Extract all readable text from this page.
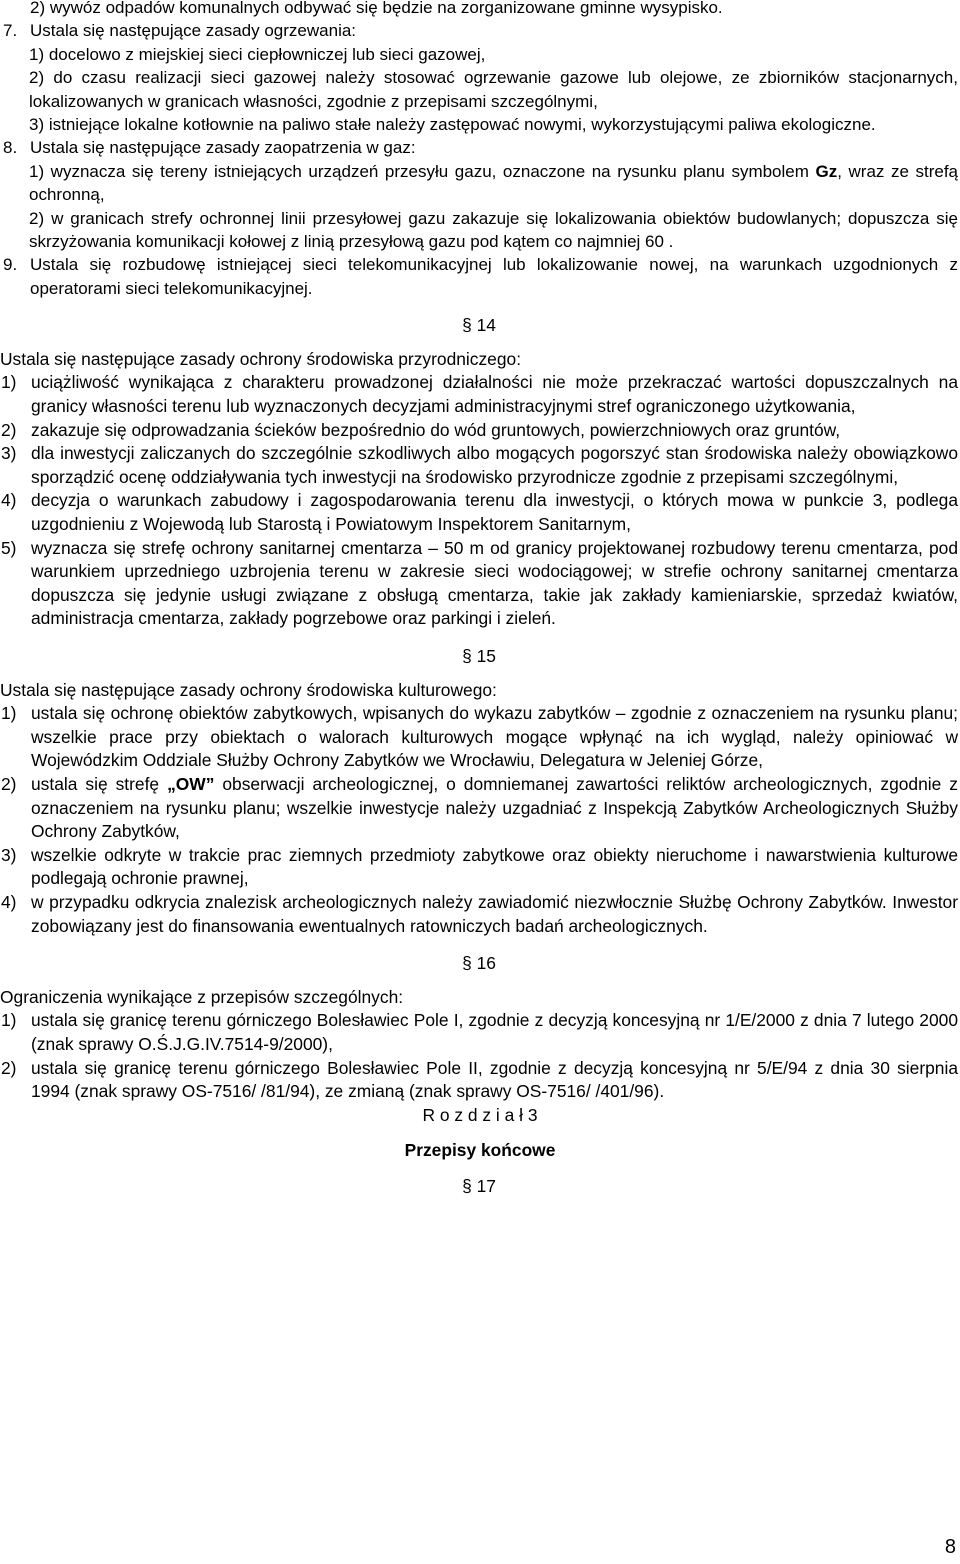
2) wywóz odpadów komunalnych odbywać się będzie na zorganizowane gminne wysypisko.
7. Ustala się następujące zasady ogrzewania:
1) docelowo z miejskiej sieci ciepłowniczej lub sieci gazowej,
2) do czasu realizacji sieci gazowej należy stosować ogrzewanie gazowe lub olejowe, ze zbiorników stacjonarnych, lokalizowanych w granicach własności, zgodnie z przepisami szczególnymi,
3) istniejące lokalne kotłownie na paliwo stałe należy zastępować nowymi, wykorzystującymi paliwa ekologiczne.
8. Ustala się następujące zasady zaopatrzenia w gaz:
1) wyznacza się tereny istniejących urządzeń przesyłu gazu, oznaczone na rysunku planu symbolem Gz, wraz ze strefą ochronną,
2) w granicach strefy ochronnej linii przesyłowej gazu zakazuje się lokalizowania obiektów budowlanych; dopuszcza się skrzyżowania komunikacji kołowej z linią przesyłową gazu pod kątem co najmniej 60 .
9. Ustala się rozbudowę istniejącej sieci telekomunikacyjnej lub lokalizowanie nowej, na warunkach uzgodnionych z operatorami sieci telekomunikacyjnej.
§ 14
Ustala się następujące zasady ochrony środowiska przyrodniczego:
1) uciążliwość wynikająca z charakteru prowadzonej działalności nie może przekraczać wartości dopuszczalnych na granicy własności terenu lub wyznaczonych decyzjami administracyjnymi stref ograniczonego użytkowania,
2) zakazuje się odprowadzania ścieków bezpośrednio do wód gruntowych, powierzchniowych oraz gruntów,
3) dla inwestycji zaliczanych do szczególnie szkodliwych albo mogących pogorszyć stan środowiska należy obowiązkowo sporządzić ocenę oddziaływania tych inwestycji na środowisko przyrodnicze zgodnie z przepisami szczególnymi,
4) decyzja o warunkach zabudowy i zagospodarowania terenu dla inwestycji, o których mowa w punkcie 3, podlega uzgodnieniu z Wojewodą lub Starostą i Powiatowym Inspektorem Sanitarnym,
5) wyznacza się strefę ochrony sanitarnej cmentarza – 50 m od granicy projektowanej rozbudowy terenu cmentarza, pod warunkiem uprzedniego uzbrojenia terenu w zakresie sieci wodociągowej; w strefie ochrony sanitarnej cmentarza dopuszcza się jedynie usługi związane z obsługą cmentarza, takie jak zakłady kamieniarskie, sprzedaż kwiatów, administracja cmentarza, zakłady pogrzebowe oraz parkingi i zieleń.
§ 15
Ustala się następujące zasady ochrony środowiska kulturowego:
1) ustala się ochronę obiektów zabytkowych, wpisanych do wykazu zabytków – zgodnie z oznaczeniem na rysunku planu; wszelkie prace przy obiektach o walorach kulturowych mogące wpłynąć na ich wygląd, należy opiniować w Wojewódzkim Oddziale Służby Ochrony Zabytków we Wrocławiu, Delegatura w Jeleniej Górze,
2) ustala się strefę „OW” obserwacji archeologicznej, o domniemanej zawartości reliktów archeologicznych, zgodnie z oznaczeniem na rysunku planu; wszelkie inwestycje należy uzgadniać z Inspekcją Zabytków Archeologicznych Służby Ochrony Zabytków,
3) wszelkie odkryte w trakcie prac ziemnych przedmioty zabytkowe oraz obiekty nieruchome i nawarstwienia kulturowe podlegają ochronie prawnej,
4) w przypadku odkrycia znalezisk archeologicznych należy zawiadomić niezwłocznie Służbę Ochrony Zabytków. Inwestor zobowiązany jest do finansowania ewentualnych ratowniczych badań archeologicznych.
§ 16
Ograniczenia wynikające z przepisów szczególnych:
1) ustala się granicę terenu górniczego Bolesławiec Pole I, zgodnie z decyzją koncesyjną nr 1/E/2000 z dnia 7 lutego 2000 (znak sprawy O.Ś.J.G.IV.7514-9/2000),
2) ustala się granicę terenu górniczego Bolesławiec Pole II, zgodnie z decyzją koncesyjną nr 5/E/94 z dnia 30 sierpnia 1994 (znak sprawy OS-7516/ /81/94), ze zmianą (znak sprawy OS-7516/ /401/96).
R o z d z i a ł 3
Przepisy końcowe
§ 17
8
